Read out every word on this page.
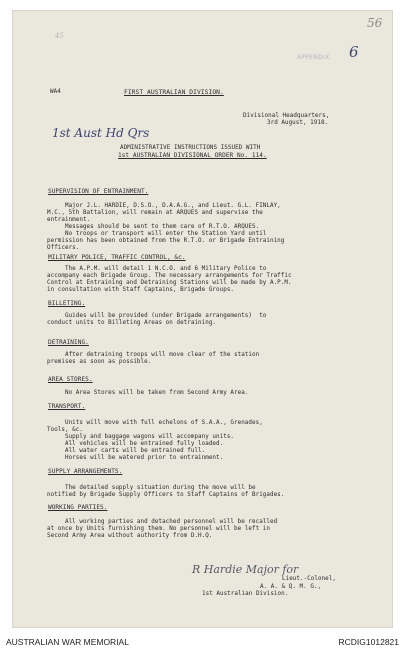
56
45
APPENDIX 6
WA4	FIRST AUSTRALIAN DIVISION.
Divisional Headquarters,
3rd August, 1918.
1st Aust Hd Qrs
ADMINISTRATIVE INSTRUCTIONS ISSUED WITH
1st AUSTRALIAN DIVISIONAL ORDER No. 114.
SUPERVISION OF ENTRAINMENT.
Major J.L. HARDIE, D.S.O., D.A.A.G., and Lieut. G.L. FINLAY,
M.C., 5th Battalion, will remain at ARQUES and supervise the
entrainment.
Messages should be sent to them care of R.T.O. ARQUES.
No troops or transport will enter the Station Yard until
permission has been obtained from the R.T.O. or Brigade Entraining
Officers.
MILITARY POLICE, TRAFFIC CONTROL, &c.
The A.P.M. will detail 1 N.C.O. and 6 Military Police to
accompany each Brigade Group. The necessary arrangements for Traffic
Control at Entraining and Detraining Stations will be made by A.P.M.
in consultation with Staff Captains, Brigade Groups.
BILLETING.
Guides will be provided (under Brigade arrangements)  to
conduct units to Billeting Areas on detraining.
DETRAINING.
After detraining troops will move clear of the station
premises as soon as possible.
AREA STORES.
No Area Stores will be taken from Second Army Area.
TRANSPORT.
Units will move with full echelons of S.A.A., Grenades,
Tools, &c.
Supply and baggage wagons will accompany units.
All vehicles will be entrained fully loaded.
All water carts will be entrained full.
Horses will be watered prior to entrainment.
SUPPLY ARRANGEMENTS.
The detailed supply situation during the move will be
notified by Brigade Supply Officers to Staff Captains of Brigades.
WORKING PARTIES.
All working parties and detached personnel will be recalled
at once by Units furnishing them. No personnel will be left in
Second Army Area without authority from D.H.Q.
R Hardie Major for
Lieut.-Colonel,
A. A. & Q. M. G.,
1st Australian Division.
AUSTRALIAN WAR MEMORIAL	RCDIG1012821
